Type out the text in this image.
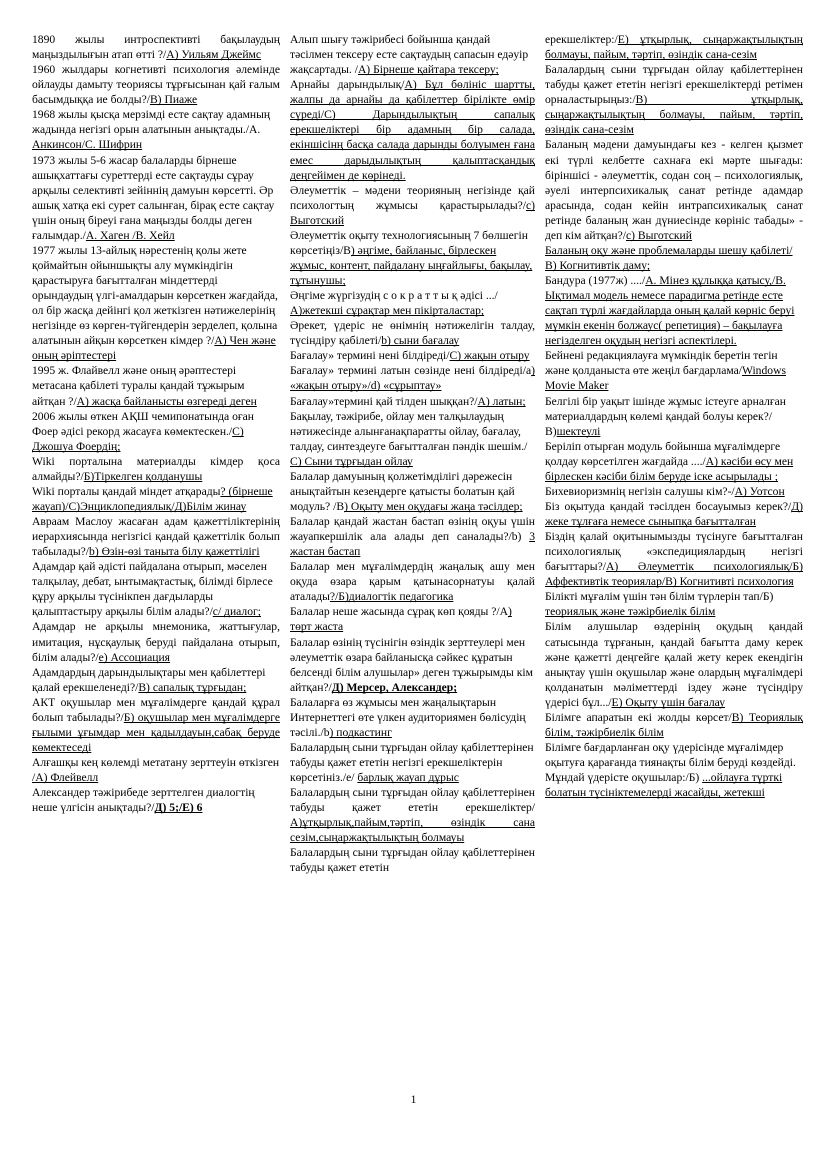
1890 жылы интроспективті бақылаудың маңыздылығын атап өтті ?/А) Уильям Джеймс
1960 жылдары когнетивті психология әлемінде ойлауды дамыту теориясы тұрғысынан қай ғалым басымдыққа ие болды?/В) Пиаже
1968 жылы қысқа мерзімді есте сақтау адамның жадында негізгі орын алатынын анықтады./А. Анкинсон/С. Шифрин
1973 жылы 5-6 жасар балаларды бірнеше ашықхаттағы суреттерді есте сақтауды сұрау арқылы селективті зейіннің дамуын көрсетті. Әр ашық хатқа екі сурет салынған, бірақ есте сақтау үшін оның біреуі ғана маңызды болды деген ғалымдар./А. Хаген /В. Хейл
1977 жылы 13-айлық нәрестенің қолы жете қоймайтын ойыншықты алу мүмкіндігін қарастыруға бағытталған міндеттерді орындаудың үлгі-амалдарын көрсеткен жағдайда, ол бір жасқа дейінгі қол жеткізген нәтижелерінің негізінде өз көрген-түйгендерін зерделеп, қолына алатынын айқын көрсеткен кімдер ?/А) Чен және оның әріптестері
1995 ж. Флайвелл және оның әрәптестері метасана қабілеті туралы қандай тұжырым айтқан ?/А) жасқа байланысты өзгереді деген
2006 жылы өткен АҚШ чемипонатында оған Фоер әдісі рекорд жасауға көмектескен./С) Джошуа Фоердің;
Wiki порталына материалды кімдер қоса алмайды?/Б)Тіркелген қолданушы
Wiki порталы қандай міндет атқарады? (бірнеше жауап)/С)Энциклопедиялық/Д)Білім жинау
Авраам Маслоу жасаған адам қажеттіліктерінің иерархиясында негізгісі қандай қажеттілік болып табылады?/b) Өзін-өзі таныта білу қажеттілігі
Адамдар қай әдісті пайдалана отырып, мәселен талқылау, дебат, ынтымақтастық, білімді бірлесе құру арқылы түсінікпен дағдыларды қалыптастыру арқылы білім алады?/с/ диалог;
Адамдар не арқылы мнемоника, жаттығулар, имитация, нұсқаулық беруді пайдалана отырып, білім алады?/е) Ассоциация
Адамдардың дарындылықтары мен қабілеттері қалай ерекшеленеді?/В) сапалық тұрғыдан;
АКТ оқушылар мен мұғалімдерге қандай құрал болып табылады?/Б) оқушылар мен мұғалімдерге ғылыми ұғымдар мен қадылдауын,сабақ беруде көмектеседі
Алғашқы кең көлемді метатану зерттеуін өткізген /А) Флейвелл
Александер тәжірибеде зерттелген диалогтің неше үлгісін анықтады?/Д) 5;/Е) 6
Алып шығу тәжірибесі бойынша қандай тәсілмен тексеру есте сақтаудың сапасын едәуір жақсартады. /А) Бірнеше қайтара тексеру;
Арнайы дарындылық/А) Бұл бөлініс шартты, жалпы да арнайы да қабілеттер бірілікте өмір сүреді/С) Дарындылықтың сапалық ерекшеліктері бір адамның бір салада, екіншісінң басқа салада дарынды болуымен ғана емес дарыдылықтың қалыптасқандық деңгейімен де көрінеді.
Әлеуметтік – мәдени теорияның негізінде қай психологтың жұмысы қарастырылады?/с) Выготский
Әлеуметтік оқыту технологиясының 7 бөлшегін көрсетіңіз/В) әңгіме, байланыс, бірлескен жұмыс, контент, пайдалану ыңғайлығы, бақылау, тұтынушы;
Әңгіме жүргізудің с о к р а т т ы қ әдісі .../А)жетекші сұрақтар мен пікірталастар;
Әрекет, үдеріс не өнімнің нәтижелігін талдау, түсіндіру қабілеті/b) сыни бағалау
Бағалау» термині нені білдіреді/С) жақын отыру
Бағалау» термині латын сөзінде нені білдіреді/а) «жақын отыру»/d) «сұрыптау»
Бағалау»термині қай тілден шыққан?/А) латын;
Бақылау, тәжірибе, ойлау мен талқылаудың нәтижесінде алынғанақпаратты ойлау, бағалау, талдау, синтездеуге бағытталған пәндік шешім./С) Сыни тұрғыдан ойлау
Балалар дамуының қолжетімділігі дәрежесін анықтайтын кезеңдерге қатысты болатын қай модуль? /В) Оқыту мен оқудағы жаңа тәсілдер;
Балалар қандай жастан бастап өзінің оқуы үшін жауапкершілік ала алады деп саналады?/b) 3 жастан бастап
Балалар мен мұғалімдердің жаңалық ашу мен оқуда өзара қарым қатынасорнатуы қалай аталады?/Б)диалогтік педагогика
Балалар неше жасында сұрақ көп қояды ?/А) төрт жаста
Балалар өзінің түсінігін өзіндік зерттеулері мен әлеуметтік өзара байланысқа сәйкес құратын белсенді білім алушылар» деген тұжырымды кім айтқан?/Д) Мерсер, Александер;
Балаларға өз жұмысы мен жаңалықтарын Интернеттегі өте үлкен аудиториямен бөлісудің тәсілі./b) подкастинг
Балалардың сыни тұрғыдан ойлау қабілеттерінен табуды қажет ететін негізгі ерекшеліктерін көрсетініз./е/ барлық жауап дұрыс
Балалардың сыни тұрғыдан ойлау қабілеттерінен табуды қажет ететін ерекшеліктер/А)ұтқырлық,пайым,тәртіп, өзіндік сана сезім,сыңаржақтылықтың болмауы
Балалардың сыни тұрғыдан ойлау қабілеттерінен табуды қажет ететін
ерекшеліктер:/Е) ұтқырлық, сыңаржақтылықтың болмауы, пайым, тәртіп, өзіндік сана-сезім
Балалардың сыни тұрғыдан ойлау қабілеттерінен табуды қажет ететін негізгі ерекшеліктерді ретімен орналастырыңыз:/В) ұтқырлық, сыңаржақтылықтың болмауы, пайым, тәртіп, өзіндік сана-сезім
Баланың мәдени дамуындағы кез - келген қызмет екі түрлі келбетте сахнаға екі мәрте шығады: біріншісі - әлеуметтік, содан соң – психологиялық, әуелі интерпсихикалық санат ретінде адамдар арасында, содан кейін интрапсихикалық санат ретінде баланың жан дүниесінде көрініс табады» - деп кім айтқан?/с) Выготский
Баланың оқу және проблемаларды шешу қабілеті/В) Когнитивтік даму;
Бандура (1977ж) ..../А. Мінез құлыққа қатысу,/В. Ықтимал модель немесе парадигма ретінде есте сақтап түрлі жағдайларда оның қалай көрніс беруі мүмкін екенін болжаус( репетиция) – бақылауға негізделген оқудың негізгі аспектілері.
Бейнені редакциялауға мүмкіндік беретін тегін және қолданыста өте жеңіл бағдарлама/Windows Movie Maker
Белгілі бір уақыт ішінде жұмыс істеуге арналған материалдардың көлемі қандай болуы керек?/В)шектеулі
Беріліп отырған модуль бойынша мұғалімдерге қолдау көрсетілген жағдайда ..../А) кәсіби өсу мен бірлескен кәсіби білім беруде іске асырылады ;
Бихевиоризмнің негізін салушы кім?-/А) Уотсон
Біз оқытуда қандай тәсілден босауымыз керек?/Д) жеке тұлғаға немесе сыныпқа бағытталған
Біздің қалай оқитынымызды түсінуге бағытталған психологиялық «экспедициялардың негізгі бағыттары?/А) Әлеуметтік психологиялық/Б) Аффективтік теориялар/В) Когнитивті психология
Білікті мұғалім үшін тән білім түрлерін тап/Б) теориялық және тәжірбиелік білім
Білім алушылар өздерінің оқудың қандай сатысында тұрғанын, қандай бағытта даму керек және қажетті деңгейге қалай жету керек екендігін анықтау үшін оқушылар және олардың мұғалімдері қолданатын мәліметтерді іздеу және түсіндіру үдерісі бұл.../Е) Оқыту үшін бағалау
Білімге апаратын екі жолды көрсет/В) Теориялық білім, тәжірбиелік білім
Білімге бағдарланған оқу үдерісінде мұғалімдер оқытуға қарағанда тиянақты білім беруді көздейді. Мұндай үдерісте оқушылар:/Б) ...ойлауға түрткі болатын түсініктемелерді жасайды, жетекші
1
